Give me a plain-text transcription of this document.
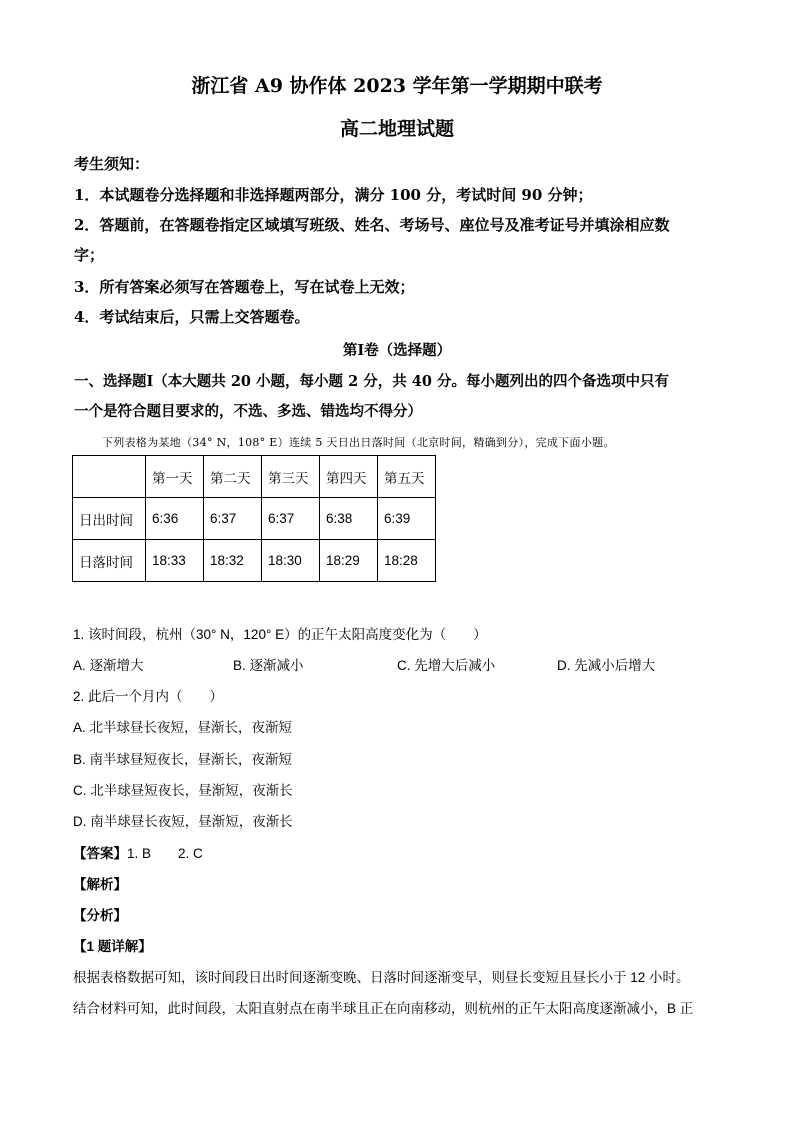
浙江省 A9 协作体 2023 学年第一学期期中联考
高二地理试题
考生须知：
1．本试题卷分选择题和非选择题两部分，满分 100 分，考试时间 90 分钟；
2．答题前，在答题卷指定区域填写班级、姓名、考场号、座位号及准考证号并填涂相应数
字；
3．所有答案必须写在答题卷上，写在试卷上无效；
4．考试结束后，只需上交答题卷。
第Ⅰ卷（选择题）
一、选择题Ⅰ（本大题共 20 小题，每小题 2 分，共 40 分。每小题列出的四个备选项中只有
一个是符合题目要求的，不选、多选、错选均不得分）
下列表格为某地（34° N，108° E）连续 5 天日出日落时间（北京时间，精确到分），完成下面小题。
	第一天	第二天	第三天	第四天	第五天
日出时间	6:36	6:37	6:37	6:38	6:39
日落时间	18:33	18:32	18:30	18:29	18:28
1. 该时间段，杭州（30° N，120° E）的正午太阳高度变化为（　　）
A. 逐渐增大	B. 逐渐减小	C. 先增大后减小	D. 先减小后增大
2. 此后一个月内（　　）
A. 北半球昼长夜短，昼渐长，夜渐短
B. 南半球昼短夜长，昼渐长，夜渐短
C. 北半球昼短夜长，昼渐短，夜渐长
D. 南半球昼长夜短，昼渐短，夜渐长
【答案】1. B　　2. C
【解析】
【分析】
【1 题详解】
根据表格数据可知，该时间段日出时间逐渐变晚、日落时间逐渐变早，则昼长变短且昼长小于 12 小时。
结合材料可知，此时间段，太阳直射点在南半球且正在向南移动，则杭州的正午太阳高度逐渐减小，B 正
